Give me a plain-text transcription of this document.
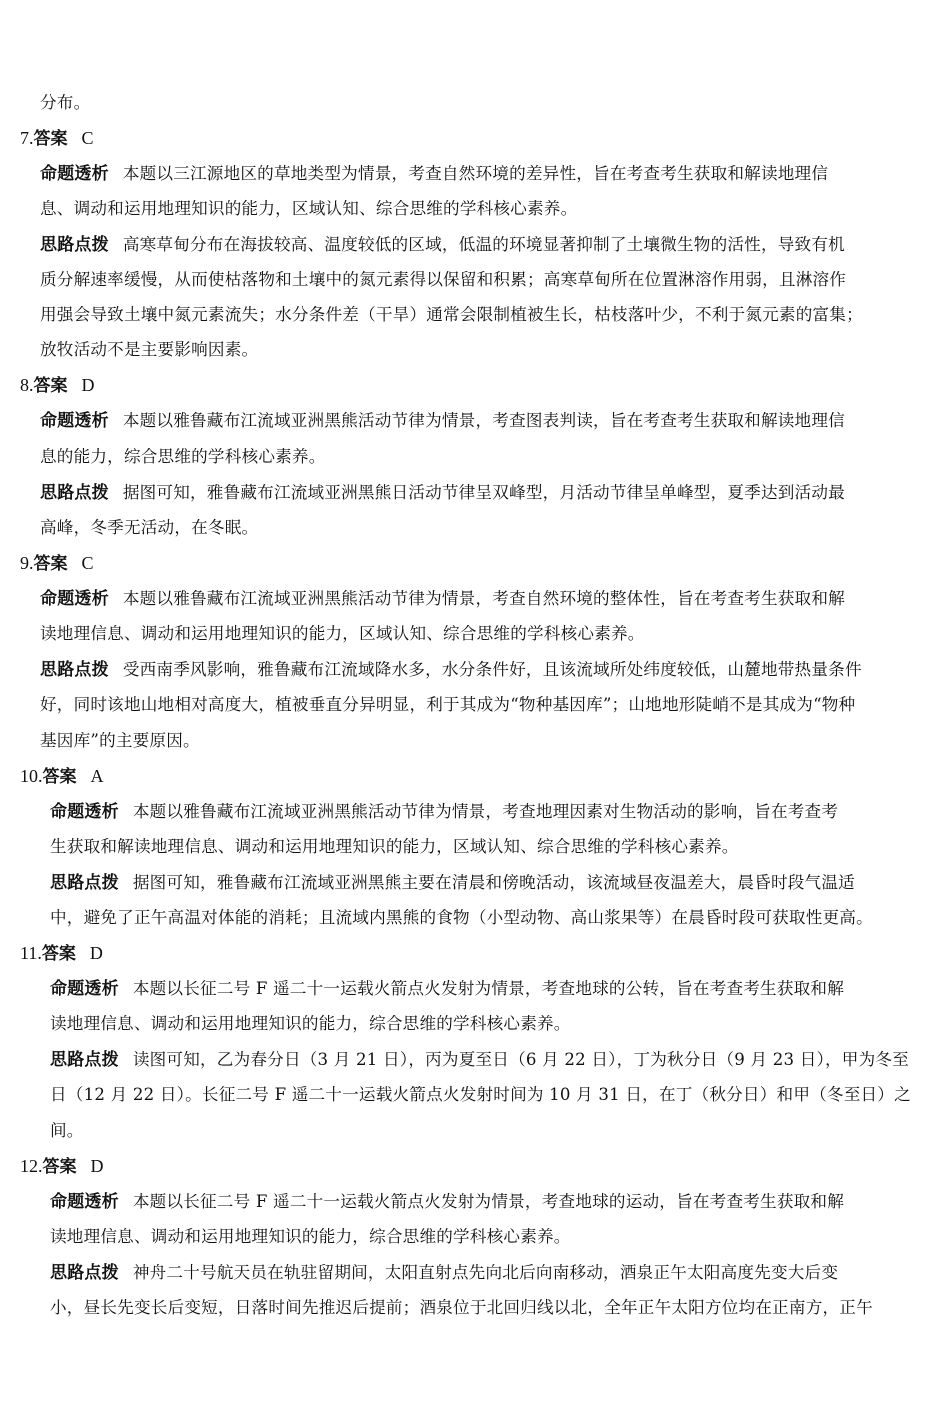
分布。
7.答案 C
命题透析 本题以三江源地区的草地类型为情景，考查自然环境的差异性，旨在考查考生获取和解读地理信
息、调动和运用地理知识的能力，区域认知、综合思维的学科核心素养。
思路点拨 高寒草甸分布在海拔较高、温度较低的区域，低温的环境显著抑制了土壤微生物的活性，导致有机
质分解速率缓慢，从而使枯落物和土壤中的氮元素得以保留和积累；高寒草甸所在位置淋溶作用弱，且淋溶作
用强会导致土壤中氮元素流失；水分条件差（干旱）通常会限制植被生长，枯枝落叶少，不利于氮元素的富集；
放牧活动不是主要影响因素。
8.答案 D
命题透析 本题以雅鲁藏布江流域亚洲黑熊活动节律为情景，考查图表判读，旨在考查考生获取和解读地理信
息的能力，综合思维的学科核心素养。
思路点拨 据图可知，雅鲁藏布江流域亚洲黑熊日活动节律呈双峰型，月活动节律呈单峰型，夏季达到活动最
高峰，冬季无活动，在冬眠。
9.答案 C
命题透析 本题以雅鲁藏布江流域亚洲黑熊活动节律为情景，考查自然环境的整体性，旨在考查考生获取和解
读地理信息、调动和运用地理知识的能力，区域认知、综合思维的学科核心素养。
思路点拨 受西南季风影响，雅鲁藏布江流域降水多，水分条件好，且该流域所处纬度较低，山麓地带热量条件
好，同时该地山地相对高度大，植被垂直分异明显，利于其成为“物种基因库”；山地地形陡峭不是其成为“物种
基因库”的主要原因。
10.答案 A
命题透析 本题以雅鲁藏布江流域亚洲黑熊活动节律为情景，考查地理因素对生物活动的影响，旨在考查考
生获取和解读地理信息、调动和运用地理知识的能力，区域认知、综合思维的学科核心素养。
思路点拨 据图可知，雅鲁藏布江流域亚洲黑熊主要在清晨和傍晚活动，该流域昼夜温差大，晨昏时段气温适
中，避免了正午高温对体能的消耗；且流域内黑熊的食物（小型动物、高山浆果等）在晨昏时段可获取性更高。
11.答案 D
命题透析 本题以长征二号 F 遥二十一运载火箭点火发射为情景，考查地球的公转，旨在考查考生获取和解
读地理信息、调动和运用地理知识的能力，综合思维的学科核心素养。
思路点拨 读图可知，乙为春分日（3 月 21 日），丙为夏至日（6 月 22 日），丁为秋分日（9 月 23 日），甲为冬至
日（12 月 22 日）。长征二号 F 遥二十一运载火箭点火发射时间为 10 月 31 日，在丁（秋分日）和甲（冬至日）之
间。
12.答案 D
命题透析 本题以长征二号 F 遥二十一运载火箭点火发射为情景，考查地球的运动，旨在考查考生获取和解
读地理信息、调动和运用地理知识的能力，综合思维的学科核心素养。
思路点拨 神舟二十号航天员在轨驻留期间，太阳直射点先向北后向南移动，酒泉正午太阳高度先变大后变
小，昼长先变长后变短，日落时间先推迟后提前；酒泉位于北回归线以北，全年正午太阳方位均在正南方，正午
